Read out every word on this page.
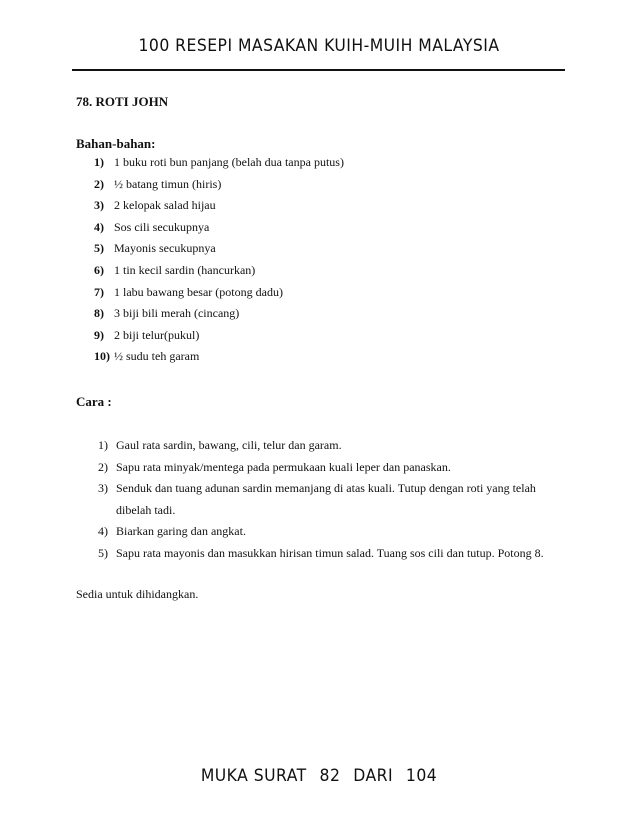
100 RESEPI MASAKAN KUIH-MUIH MALAYSIA
78. ROTI JOHN
Bahan-bahan:
1) 1 buku roti bun panjang (belah dua tanpa putus)
2) ½ batang timun (hiris)
3) 2 kelopak salad hijau
4) Sos cili secukupnya
5) Mayonis secukupnya
6) 1 tin kecil sardin (hancurkan)
7) 1 labu bawang besar (potong dadu)
8) 3 biji bili merah (cincang)
9) 2 biji telur(pukul)
10) ½ sudu teh garam
Cara :
1) Gaul rata sardin, bawang, cili, telur dan garam.
2) Sapu rata minyak/mentega pada permukaan kuali leper dan panaskan.
3) Senduk dan tuang adunan sardin memanjang di atas kuali. Tutup dengan roti yang telah dibelah tadi.
4) Biarkan garing dan angkat.
5) Sapu rata mayonis dan masukkan hirisan timun salad. Tuang sos cili dan tutup. Potong 8.
Sedia untuk dihidangkan.
MUKA SURAT 82 DARI 104
